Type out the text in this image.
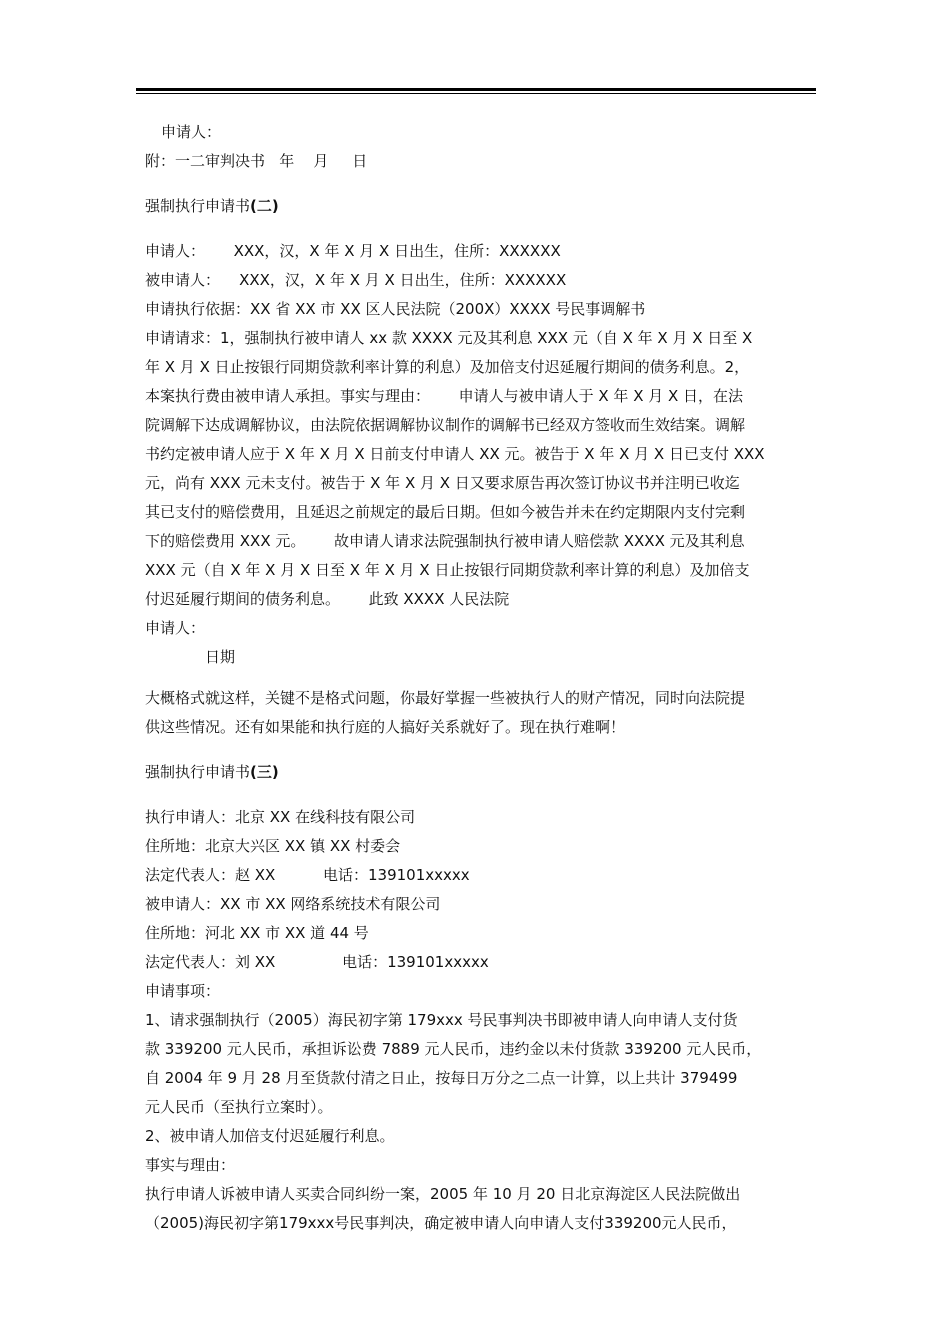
申请人：
附：一二审判决书   年    月     日
强制执行申请书(二)
申请人：      XXX，汉，X 年 X 月 X 日出生，住所：XXXXXX
被申请人：    XXX，汉，X 年 X 月 X 日出生，住所：XXXXXX
申请执行依据：XX 省 XX 市 XX 区人民法院（200X）XXXX 号民事调解书
申请请求：1，强制执行被申请人 xx 款 XXXX 元及其利息 XXX 元（自 X 年 X 月 X 日至 X
年 X 月 X 日止按银行同期贷款利率计算的利息）及加倍支付迟延履行期间的债务利息。2，
本案执行费由被申请人承担。事实与理由：      申请人与被申请人于 X 年 X 月 X 日，在法
院调解下达成调解协议，由法院依据调解协议制作的调解书已经双方签收而生效结案。调解
书约定被申请人应于 X 年 X 月 X 日前支付申请人 XX 元。被告于 X 年 X 月 X 日已支付 XXX
元，尚有 XXX 元未支付。被告于 X 年 X 月 X 日又要求原告再次签订协议书并注明已收迄
其已支付的赔偿费用，且延迟之前规定的最后日期。但如今被告并未在约定期限内支付完剩
下的赔偿费用 XXX 元。      故申请人请求法院强制执行被申请人赔偿款 XXXX 元及其利息
XXX 元（自 X 年 X 月 X 日至 X 年 X 月 X 日止按银行同期贷款利率计算的利息）及加倍支
付迟延履行期间的债务利息。      此致 XXXX 人民法院
申请人：
日期
大概格式就这样，关键不是格式问题，你最好掌握一些被执行人的财产情况，同时向法院提
供这些情况。还有如果能和执行庭的人搞好关系就好了。现在执行难啊！
强制执行申请书(三)
执行申请人：北京 XX 在线科技有限公司
住所地：北京大兴区 XX 镇 XX 村委会
法定代表人：赵 XX          电话：139101xxxxx
被申请人：XX 市 XX 网络系统技术有限公司
住所地：河北 XX 市 XX 道 44 号
法定代表人：刘 XX              电话：139101xxxxx
申请事项：
1、请求强制执行（2005）海民初字第 179xxx 号民事判决书即被申请人向申请人支付货
款 339200 元人民币，承担诉讼费 7889 元人民币，违约金以未付货款 339200 元人民币，
自 2004 年 9 月 28 月至货款付清之日止，按每日万分之二点一计算，以上共计 379499
元人民币（至执行立案时）。
2、被申请人加倍支付迟延履行利息。
事实与理由：
执行申请人诉被申请人买卖合同纠纷一案，2005 年 10 月 20 日北京海淀区人民法院做出
（2005)海民初字第179xxx号民事判决，确定被申请人向申请人支付339200元人民币，
